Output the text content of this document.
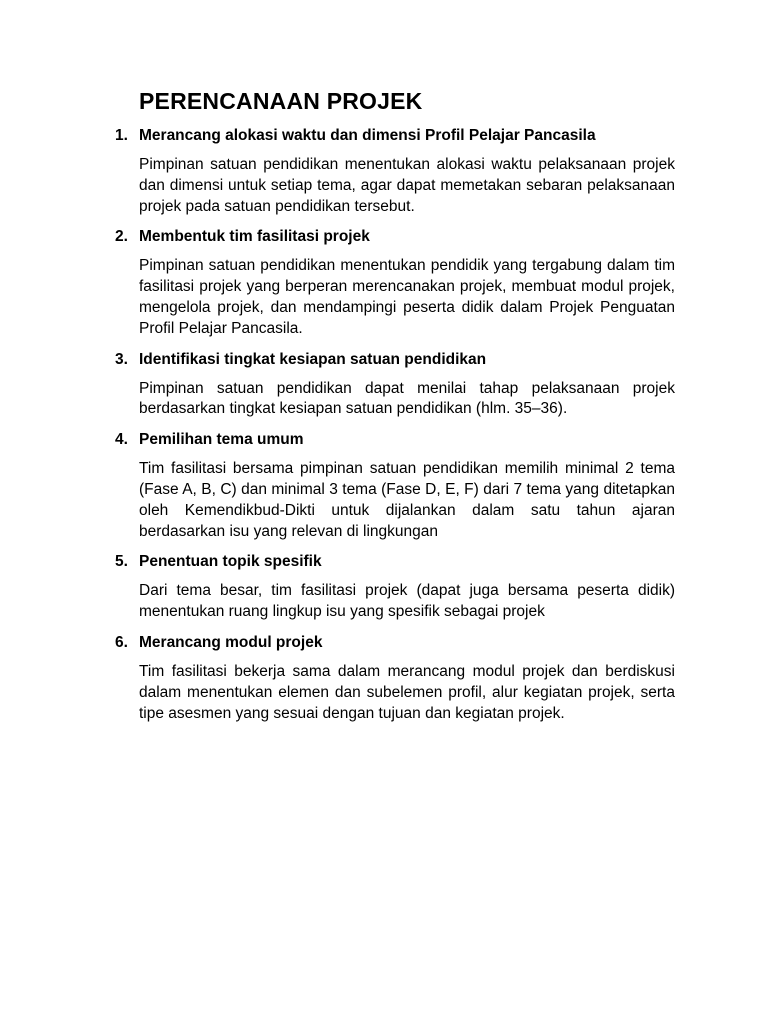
PERENCANAAN PROJEK
1. Merancang alokasi waktu dan dimensi Profil Pelajar Pancasila
Pimpinan satuan pendidikan menentukan alokasi waktu pelaksanaan projek dan dimensi untuk setiap tema, agar dapat memetakan sebaran pelaksanaan projek pada satuan pendidikan tersebut.
2. Membentuk tim fasilitasi projek
Pimpinan satuan pendidikan menentukan pendidik yang tergabung dalam tim fasilitasi projek yang berperan merencanakan projek, membuat modul projek, mengelola projek, dan mendampingi peserta didik dalam Projek Penguatan Profil Pelajar Pancasila.
3. Identifikasi tingkat kesiapan satuan pendidikan
Pimpinan satuan pendidikan dapat menilai tahap pelaksanaan projek berdasarkan tingkat kesiapan satuan pendidikan (hlm. 35–36).
4. Pemilihan tema umum
Tim fasilitasi bersama pimpinan satuan pendidikan memilih minimal 2 tema (Fase A, B, C) dan minimal 3 tema (Fase D, E, F) dari 7 tema yang ditetapkan oleh Kemendikbud-Dikti untuk dijalankan dalam satu tahun ajaran berdasarkan isu yang relevan di lingkungan
5. Penentuan topik spesifik
Dari tema besar, tim fasilitasi projek (dapat juga bersama peserta didik) menentukan ruang lingkup isu yang spesifik sebagai projek
6. Merancang modul projek
Tim fasilitasi bekerja sama dalam merancang modul projek dan berdiskusi dalam menentukan elemen dan subelemen profil, alur kegiatan projek, serta tipe asesmen yang sesuai dengan tujuan dan kegiatan projek.
